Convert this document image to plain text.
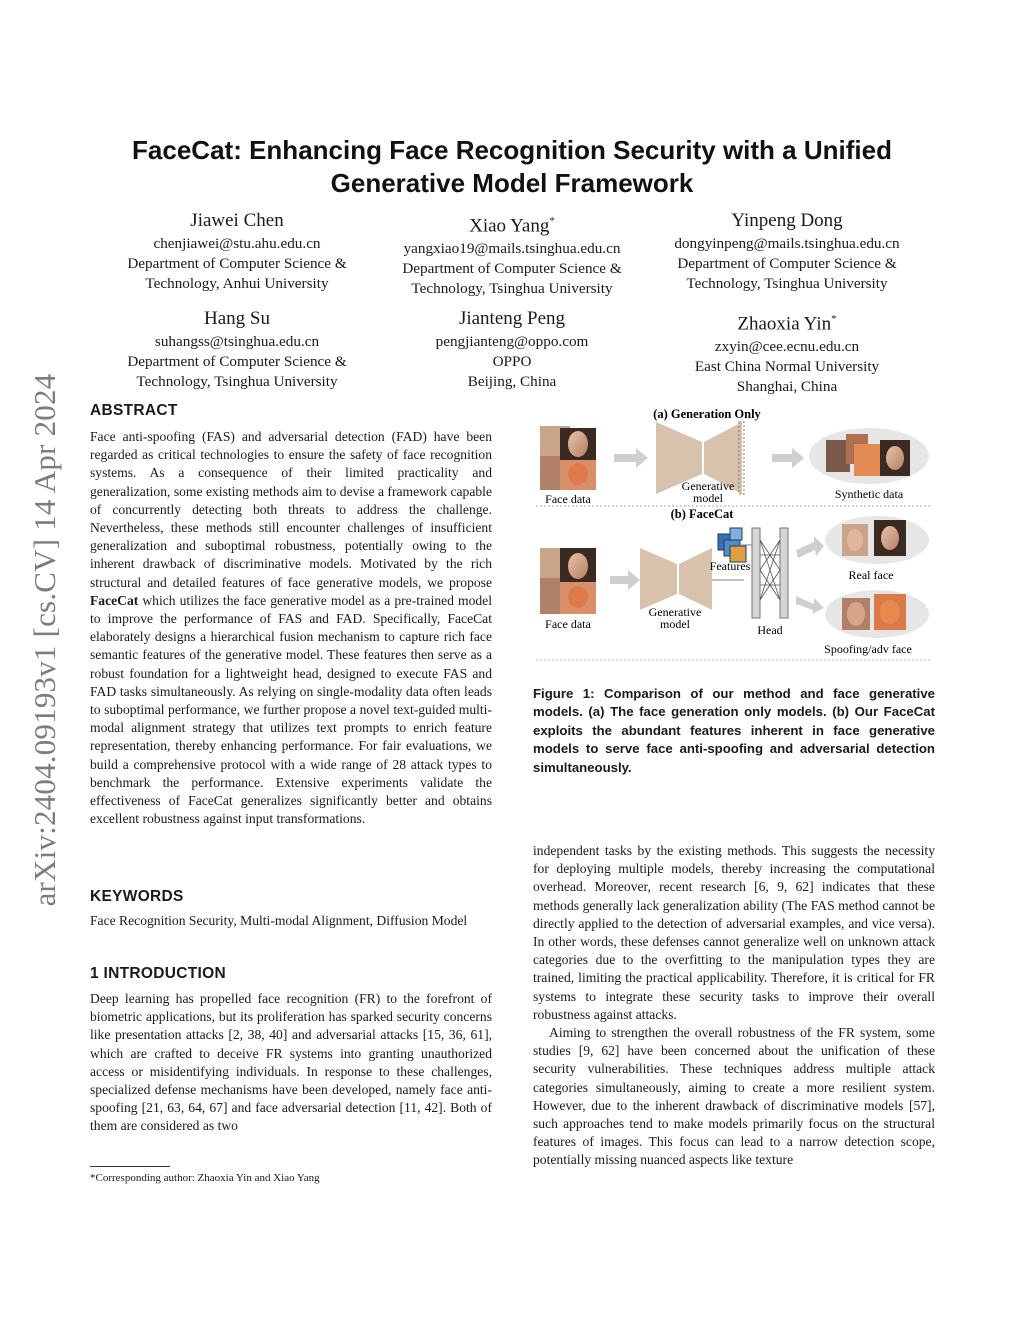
FaceCat: Enhancing Face Recognition Security with a Unified
Generative Model Framework
Jiawei Chen
chenjiawei@stu.ahu.edu.cn
Department of Computer Science &
Technology, Anhui University
Xiao Yang*
yangxiao19@mails.tsinghua.edu.cn
Department of Computer Science &
Technology, Tsinghua University
Yinpeng Dong
dongyinpeng@mails.tsinghua.edu.cn
Department of Computer Science &
Technology, Tsinghua University
Hang Su
suhangss@tsinghua.edu.cn
Department of Computer Science &
Technology, Tsinghua University
Jianteng Peng
pengjianteng@oppo.com
OPPO
Beijing, China
Zhaoxia Yin*
zxyin@cee.ecnu.edu.cn
East China Normal University
Shanghai, China
arXiv:2404.09193v1 [cs.CV] 14 Apr 2024 ABSTRACT

Face anti-spoofing (FAS) and adversarial detection (FAD) have been regarded as critical technologies to ensure the safety of face recognition systems. As a consequence of their limited practicality and generalization, some existing methods aim to devise a framework capable of concurrently detecting both threats to address the challenge. Nevertheless, these methods still encounter challenges of insufficient generalization and suboptimal robustness, potentially owing to the inherent drawback of discriminative models. Motivated by the rich structural and detailed features of face generative models, we propose FaceCat which utilizes the face generative model as a pre-trained model to improve the performance of FAS and FAD. Specifically, FaceCat elaborately designs a hierarchical fusion mechanism to capture rich face semantic features of the generative model. These features then serve as a robust foundation for a lightweight head, designed to execute FAS and FAD tasks simultaneously. As relying on single-modality data often leads to suboptimal performance, we further propose a novel text-guided multi-modal alignment strategy that utilizes text prompts to enrich feature representation, thereby enhancing performance. For fair evaluations, we build a comprehensive protocol with a wide range of 28 attack types to benchmark the performance. Extensive experiments validate the effectiveness of FaceCat generalizes significantly better and obtains excellent robustness against input transformations.

KEYWORDS
Face Recognition Security, Multi-modal Alignment, Diffusion Model
1 INTRODUCTION

Deep learning has propelled face recognition (FR) to the forefront of biometric applications, but its proliferation has sparked security concerns like presentation attacks [2, 38, 40] and adversarial attacks [15, 36, 61], which are crafted to deceive FR systems into granting unauthorized access or misidentifying individuals. In response to these challenges, specialized defense mechanisms have been developed, namely face anti-spoofing [21, 63, 64, 67] and face adversarial detection [11, 42]. Both of them are considered as two

independent tasks by the existing methods. This suggests the necessity for deploying multiple models, thereby increasing the computational overhead. Moreover, recent research [6, 9, 62] indicates that these methods generally lack generalization ability (The FAS method cannot be directly applied to the detection of adversarial examples, and vice versa). In other words, these defenses cannot generalize well on unknown attack categories due to the overfitting to the manipulation types they are trained, limiting the practical applicability. Therefore, it is critical for FR systems to integrate these security tasks to improve their overall robustness against attacks.

Aiming to strengthen the overall robustness of the FR system, some studies [9, 62] have been concerned about the unification of these security vulnerabilities. These techniques address multiple attack categories simultaneously, aiming to create a more resilient system. However, due to the inherent drawback of discriminative models [57], such approaches tend to make models primarily focus on the structural features of images. This focus can lead to a narrow detection scope, potentially missing nuanced aspects like texture

*Corresponding author: Zhaoxia Yin and Xiao Yang
(a) Generation Only
Face data
Generative
model	Synthetic data
(b) FaceCat
Face data
Generative
model
Features
Head
Real face
Spoofing/adv face
Figure 1: Comparison of our method and face generative models. (a) The face generation only models. (b) Our FaceCat exploits the abundant features inherent in face generative models to serve face anti-spoofing and adversarial detection simultaneously.
